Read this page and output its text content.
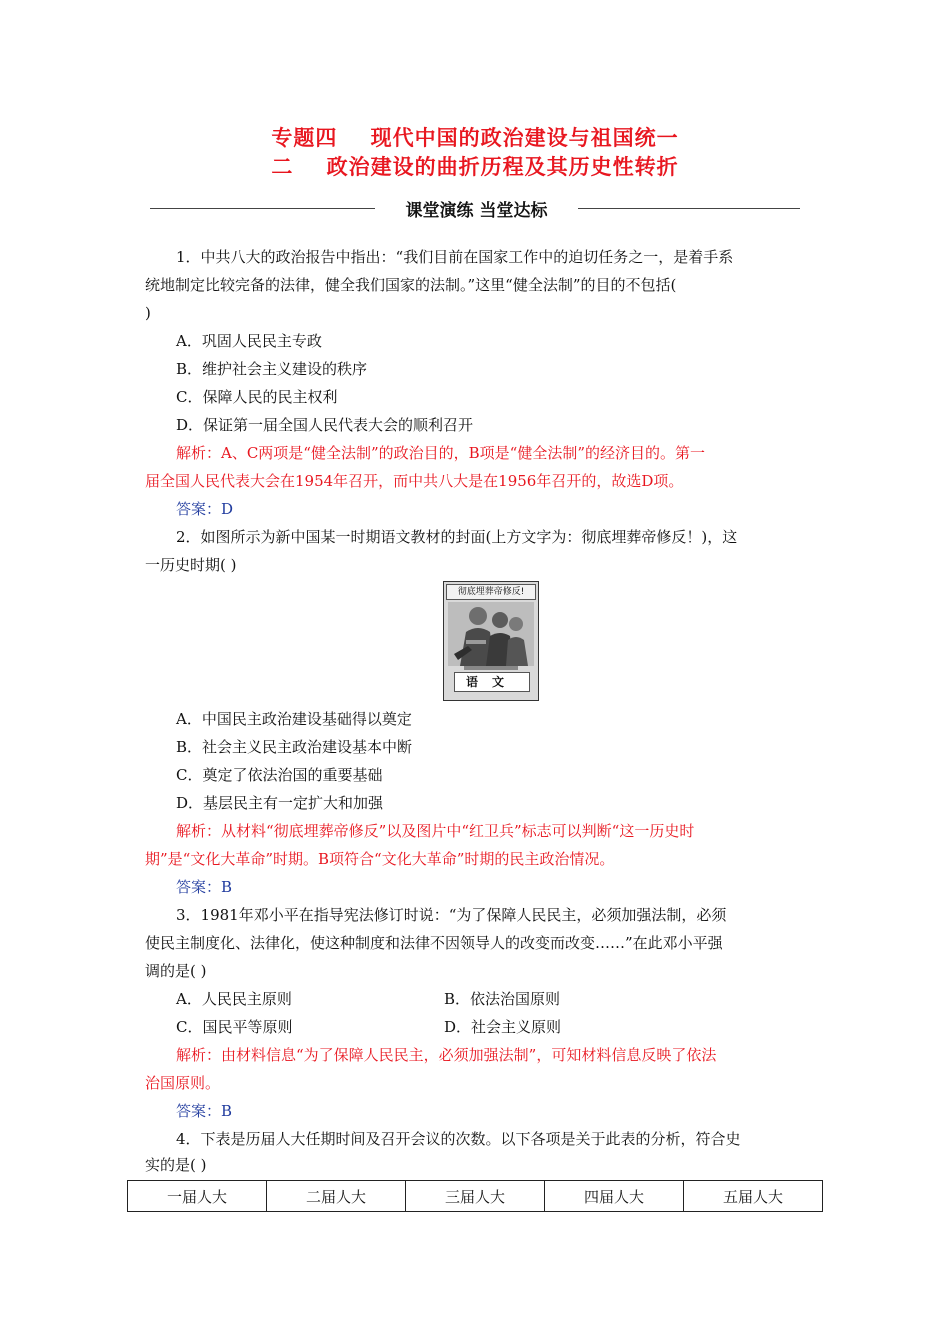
专题四    现代中国的政治建设与祖国统一
二    政治建设的曲折历程及其历史性转折
课堂演练 当堂达标
1．中共八大的政治报告中指出：“我们目前在国家工作中的迫切任务之一，是着手系
统地制定比较完备的法律，健全我们国家的法制。”这里“健全法制”的目的不包括(
)
A．巩固人民民主专政
B．维护社会主义建设的秩序
C．保障人民的民主权利
D．保证第一届全国人民代表大会的顺利召开
解析：A、C两项是“健全法制”的政治目的，B项是“健全法制”的经济目的。第一
届全国人民代表大会在1954年召开，而中共八大是在1956年召开的，故选D项。
答案：D
2．如图所示为新中国某一时期语文教材的封面(上方文字为：彻底埋葬帝修反！)，这
一历史时期( )
彻底埋葬帝修反!
语文
A．中国民主政治建设基础得以奠定
B．社会主义民主政治建设基本中断
C．奠定了依法治国的重要基础
D．基层民主有一定扩大和加强
解析：从材料“彻底埋葬帝修反”以及图片中“红卫兵”标志可以判断“这一历史时
期”是“文化大革命”时期。B项符合“文化大革命”时期的民主政治情况。
答案：B
3．1981年邓小平在指导宪法修订时说：“为了保障人民民主，必须加强法制，必须
使民主制度化、法律化，使这种制度和法律不因领导人的改变而改变……”在此邓小平强
调的是( )
A．人民民主原则	B．依法治国原则
C．国民平等原则	D．社会主义原则
解析：由材料信息“为了保障人民民主，必须加强法制”，可知材料信息反映了依法
治国原则。
答案：B
4．下表是历届人大任期时间及召开会议的次数。以下各项是关于此表的分析，符合史
实的是( )
一届人大	二届人大	三届人大	四届人大	五届人大
